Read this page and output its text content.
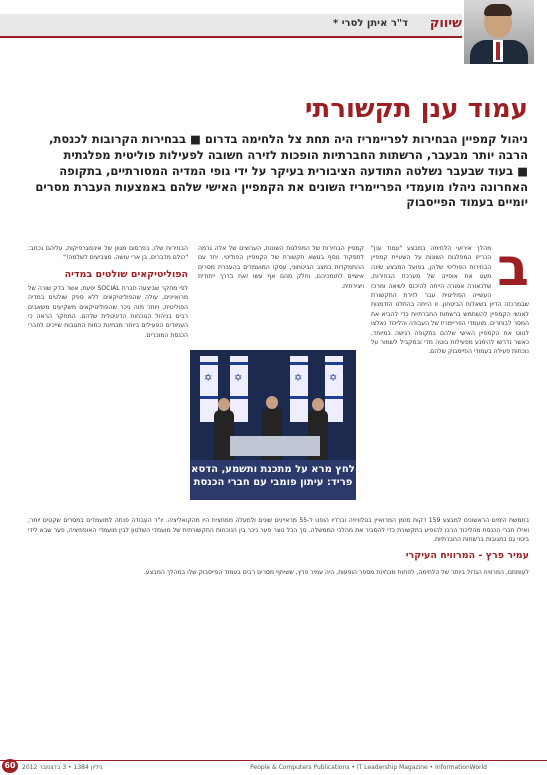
שיווק
ד"ר איתן לסרי *
עמוד ענן תקשורתי

ניהול קמפיין הבחירות לפריימריז היה תחת צל הלחימה בדרום ■ בבחירות הקרובות לכנסת, הרבה יותר מבעבר, הרשתות החברתיות הופכות לזירה חשובה לפעילות פוליטית מפלגתית

■ בעוד שבעבר נשלטה התודעה הציבורית בעיקר על ידי גופי המדיה המסורתיים, בתקופה האחרונה ניהלו מועמדי הפריימריז השונים את הקמפיין האישי שלהם באמצעות העברת מסרים יומיים בעמוד הפייסבוק

ב

מהלך אירועי הלחימה במבצע "עמוד ענן" הכריזו המפלגות השונות על השעיית קמפיין הבחירות הפוליטי שלהן, בפועל המבצע שינה מעט את אופייה של מערכת הבחירות, שלכאורה אמורה הייתה להיכנס לשיאה ומרכז העשייה הפוליטית עבר לזירת התקשורת שבמרכזה הדיון בשאלות הביטחון. זו הייתה בהחלט הזדמנות לאנשי הקמפיין להשתמש ברשתות החברתיות כדי להביא את המסר לבוחרים. מועמדי הפריימריז של העבודה והליכוד נאלצו לנווט את הקמפיין האישי שלהם בתקופה רגישה במיוחד, כאשר נדרשו להימנע מפעילות בוטה מדי ובמקביל לשמור על נוכחות פעילה בעמודי הפייסבוק שלהם.

קמפיין הבחירות של המפלגות השונות, הערוצים של אלה גרמה לתפקוד נוסף בנושא תקשורת של הקמפיין הפוליטי. יחד עם ההתמקדות במצב הביטחוני, עסקו המועמדים בהעברת מסרים אישיים לתומכיהם, וחלק מהם אף עשו זאת בדרך ייחודית ויצירתית.

הבחירות שלו, בפרסום מגוון של אינפוגרפיקות, עליהם נכתב: "כולם מדברים, בן ארי עושה. מצביעים לשלמה!"

הפוליטיקאים שולטים במדיה

לפי מחקר שביצעה חברת SOCIAL יפעת, אשר בדק שורה של מרואיינים, עולה שהפוליטיקאים ללא ספק שולטים במדיה הפוליטית, ויותר מזה ניכר שהפוליטיקאים משקיעים משאבים רבים בניהול הנוכחות הדיגיטלית שלהם. המחקר הראה כי העמודים הפעילים ביותר מבחינת כמות התגובות שייכים לחברי הכנסת המוכרים.

✡ ✡	✡	✡
לחץ מרא על מתכנת ותשמע, הדסא פריד: עיתון פומבי עם חברי הכנסת

בחמשת הימים הראשונים למבצע 159 דקות מזמן המרואיין בטלוויזיה וברדיו הופנו ל-55 מראיינים שונים ולמעלה ממחצית היו מהקואליציה. יו"ר העבודה פנתה למועמדים במסרים שקטים יותר, ואילו חברי הכנסת מהליכוד הרבו להופיע בתקשורת כדי להסביר את מהלכי הממשלה. סך הכל נוצר פער ניכר בין הנוכחות התקשורתית של מועמדי השלטון לבין מועמדי האופוזיציה, פער שבא לידי ביטוי גם בתגובות ברשתות החברתיות.

עמיר פרץ - המרוויח העיקרי

לעומתם, המרוויח הגדול ביותר של הלחימה, לפחות מבחינת מספר הופעות, היה עמיר פרץ, ששיתף מסרים רבים בעמוד הפייסבוק שלו במהלך המבצע.

60	גיליון 1384 • 3 בדצמבר 2012	People & Computers Publications • IT Leadership Magazine • InformationWorld
